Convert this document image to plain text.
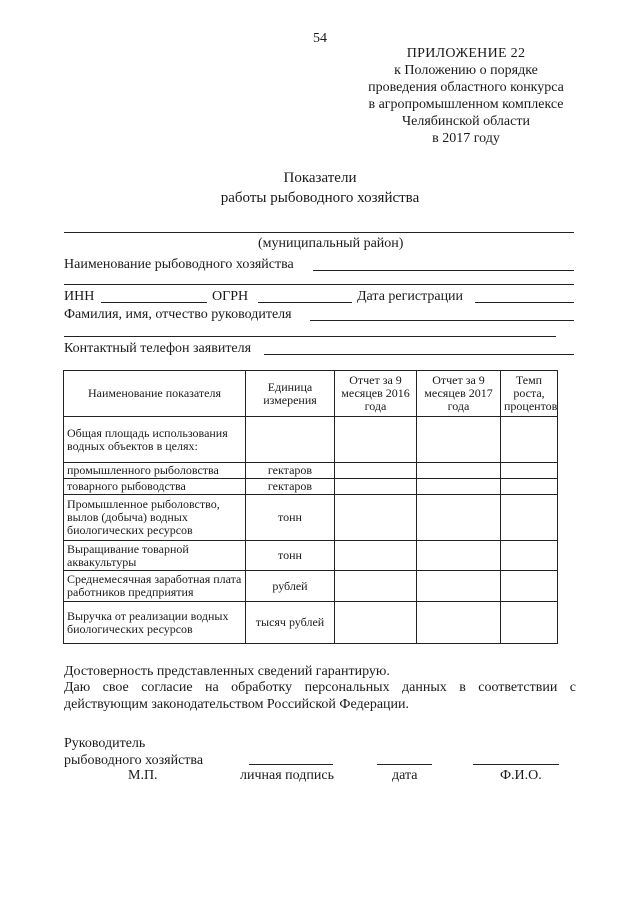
54
ПРИЛОЖЕНИЕ 22
к Положению о порядке
проведения областного конкурса
в агропромышленном комплексе
Челябинской области
в 2017 году
Показатели
работы рыбоводного хозяйства
(муниципальный район)
Наименование рыбоводного хозяйства
ИНН	ОГРН	Дата регистрации
Фамилия, имя, отчество руководителя
Контактный телефон заявителя
Наименование показателя	Единица измерения	Отчет за 9 месяцев 2016 года	Отчет за 9 месяцев 2017 года	Темп роста, процентов
Общая площадь использования водных объектов в целях:				
промышленного рыболовства	гектаров			
товарного рыбоводства	гектаров			
Промышленное рыболовство, вылов (добыча) водных биологических ресурсов	тонн			
Выращивание товарной аквакультуры	тонн			
Среднемесячная заработная плата работников предприятия	рублей			
Выручка от реализации водных биологических ресурсов	тысяч рублей			
Достоверность представленных сведений гарантирую.
Даю свое согласие на обработку персональных данных в соответствии с
действующим законодательством Российской Федерации.
Руководитель
рыбоводного хозяйства
М.П.	личная подпись	дата	Ф.И.О.
